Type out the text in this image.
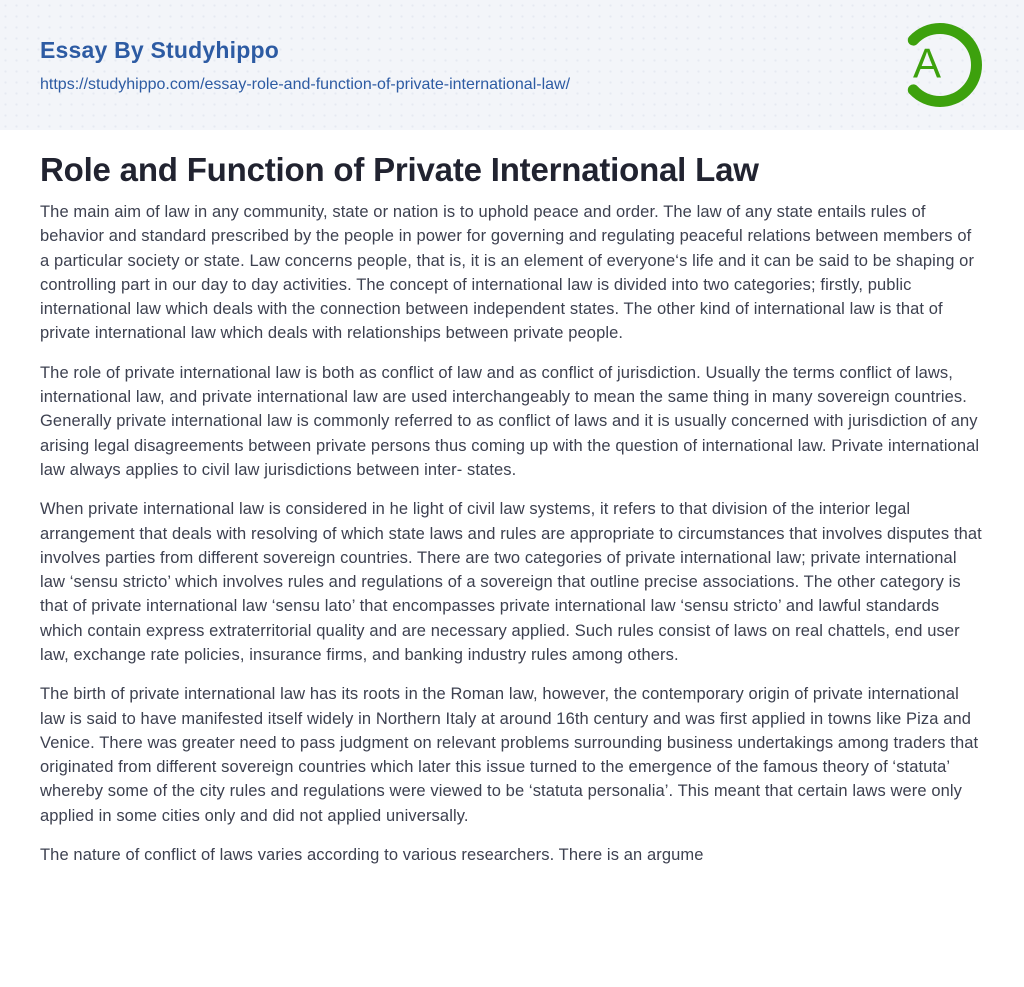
Essay By Studyhippo
https://studyhippo.com/essay-role-and-function-of-private-international-law/	A
Role and Function of Private International Law

The main aim of law in any community, state or nation is to uphold peace and order. The law of any state entails rules of behavior and standard prescribed by the people in power for governing and regulating peaceful relations between members of a particular society or state. Law concerns people, that is, it is an element of everyone‘s life and it can be said to be shaping or controlling part in our day to day activities. The concept of international law is divided into two categories; firstly, public international law which deals with the connection between independent states. The other kind of international law is that of private international law which deals with relationships between private people.

The role of private international law is both as conflict of law and as conflict of jurisdiction. Usually the terms conflict of laws, international law, and private international law are used interchangeably to mean the same thing in many sovereign countries. Generally private international law is commonly referred to as conflict of laws and it is usually concerned with jurisdiction of any arising legal disagreements between private persons thus coming up with the question of international law. Private international law always applies to civil law jurisdictions between inter- states.

When private international law is considered in he light of civil law systems, it refers to that division of the interior legal arrangement that deals with resolving of which state laws and rules are appropriate to circumstances that involves disputes that involves parties from different sovereign countries. There are two categories of private international law; private international law ‘sensu stricto’ which involves rules and regulations of a sovereign that outline precise associations. The other category is that of private international law ‘sensu lato’ that encompasses private international law ‘sensu stricto’ and lawful standards which contain express extraterritorial quality and are necessary applied. Such rules consist of laws on real chattels, end user law, exchange rate policies, insurance firms, and banking industry rules among others.

The birth of private international law has its roots in the Roman law, however, the contemporary origin of private international law is said to have manifested itself widely in Northern Italy at around 16th century and was first applied in towns like Piza and Venice. There was greater need to pass judgment on relevant problems surrounding business undertakings among traders that originated from different sovereign countries which later this issue turned to the emergence of the famous theory of ‘statuta’ whereby some of the city rules and regulations were viewed to be ‘statuta personalia’. This meant that certain laws were only applied in some cities only and did not applied universally.

The nature of conflict of laws varies according to various researchers. There is an argume
